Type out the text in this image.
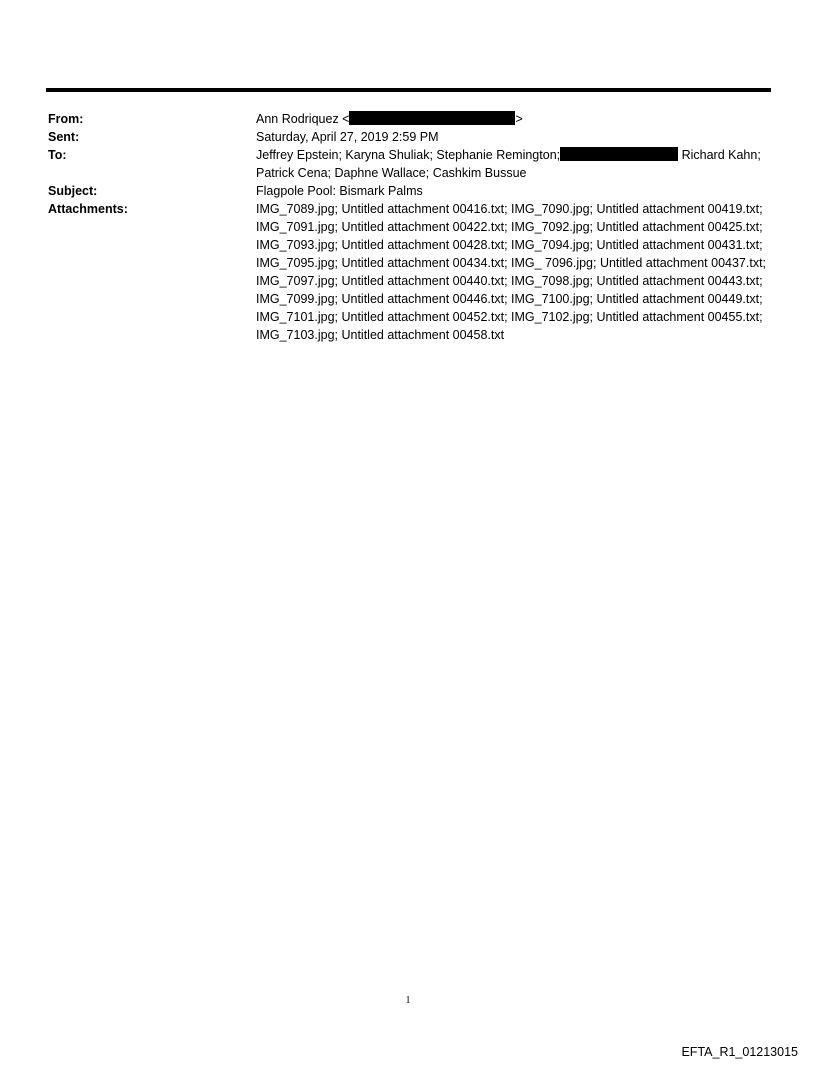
From:	Ann Rodriquez <	>
Sent:	Saturday, April 27, 2019 2:59 PM
To:	Jeffrey Epstein; Karyna Shuliak; Stephanie Remington;	Richard Kahn; Patrick Cena; Daphne Wallace; Cashkim Bussue
Subject:	Flagpole Pool: Bismark Palms
Attachments:	IMG_7089.jpg; Untitled attachment 00416.txt; IMG_7090.jpg; Untitled attachment 00419.txt; IMG_7091.jpg; Untitled attachment 00422.txt; IMG_7092.jpg; Untitled attachment 00425.txt; IMG_7093.jpg; Untitled attachment 00428.txt; IMG_7094.jpg; Untitled attachment 00431.txt; IMG_7095.jpg; Untitled attachment 00434.txt; IMG_ 7096.jpg; Untitled attachment 00437.txt; IMG_7097.jpg; Untitled attachment 00440.txt; IMG_7098.jpg; Untitled attachment 00443.txt; IMG_7099.jpg; Untitled attachment 00446.txt; IMG_7100.jpg; Untitled attachment 00449.txt; IMG_7101.jpg; Untitled attachment 00452.txt; IMG_7102.jpg; Untitled attachment 00455.txt; IMG_7103.jpg; Untitled attachment 00458.txt
1
EFTA_R1_01213015
